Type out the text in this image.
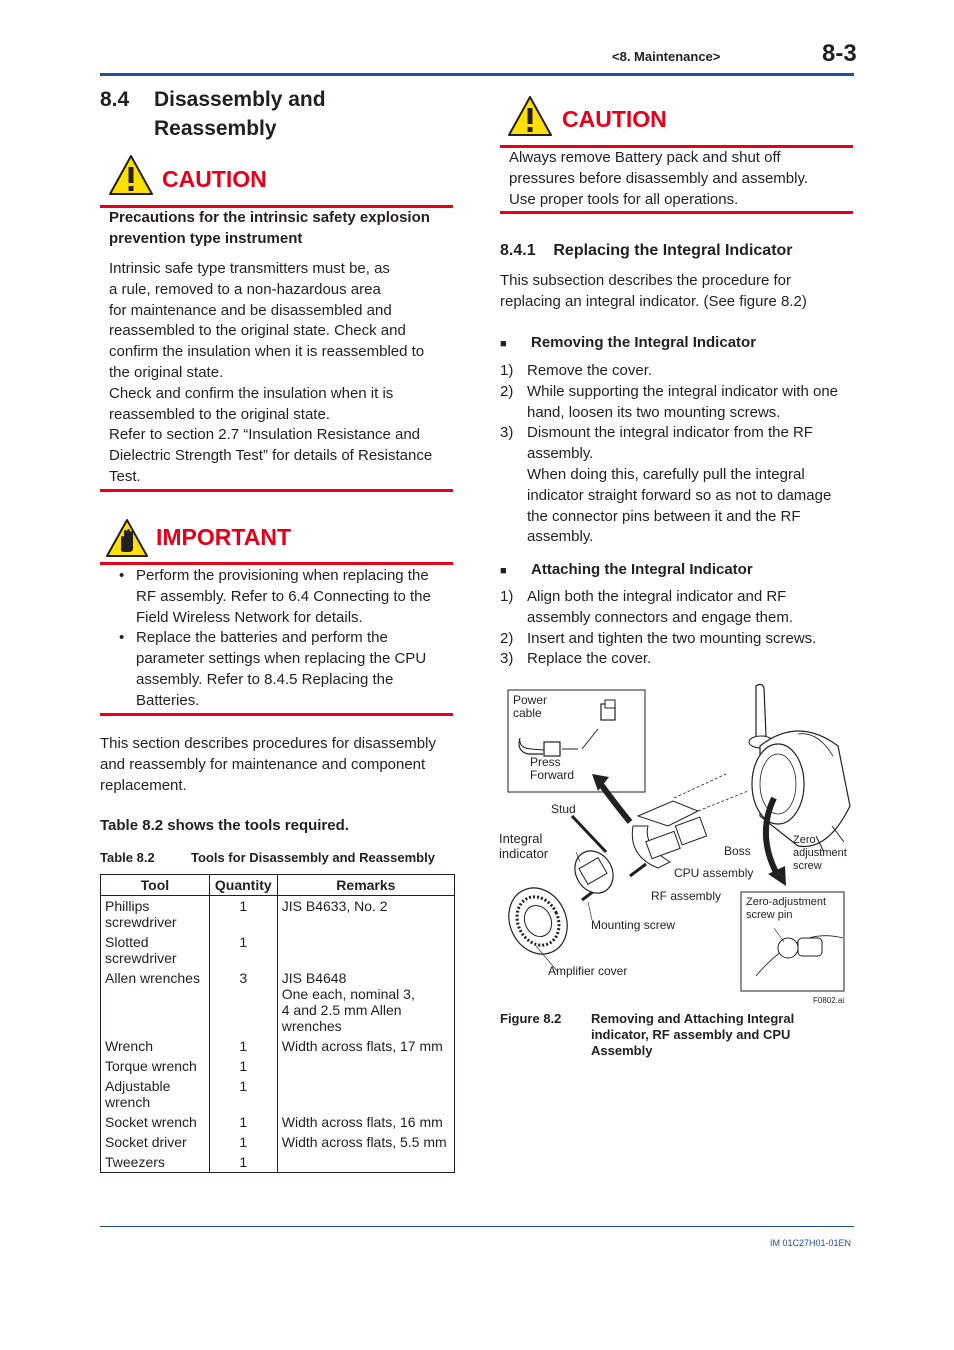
<8. Maintenance>	8-3
IM 01C27H01-01EN
8.4 Disassembly and
Reassembly
CAUTION
Precautions for the intrinsic safety explosion
prevention type instrument
Intrinsic safe type transmitters must be, as
a rule, removed to a non-hazardous area
for maintenance and be disassembled and
reassembled to the original state. Check and
confirm the insulation when it is reassembled to
the original state.
Check and confirm the insulation when it is
reassembled to the original state.
Refer to section 2.7 “Insulation Resistance and
Dielectric Strength Test” for details of Resistance
Test.
IMPORTANT
• Perform the provisioning when replacing the
RF assembly. Refer to 6.4 Connecting to the
Field Wireless Network for details.
• Replace the batteries and perform the
parameter settings when replacing the CPU
assembly. Refer to 8.4.5 Replacing the
Batteries.
This section describes procedures for disassembly
and reassembly for maintenance and component
replacement.
Table 8.2 shows the tools required.
Table 8.2	Tools for Disassembly and Reassembly
Tool	Quantity	Remarks

Phillips
screwdriver	1	JIS B4633, No. 2

Slotted
screwdriver	1	
Allen wrenches	3	JIS B4648
One each, nominal 3,
4 and 2.5 mm Allen
wrenches

Wrench	1	Width across flats, 17 mm
Torque wrench	1	

Adjustable
wrench	1	
Socket wrench	1	Width across flats, 16 mm
Socket driver	1	Width across flats, 5.5 mm
Tweezers	1	
CAUTION
Always remove Battery pack and shut off
pressures before disassembly and assembly.
Use proper tools for all operations.
8.4.1    Replacing the Integral Indicator
This subsection describes the procedure for
replacing an integral indicator. (See figure 8.2)
■ Removing the Integral Indicator
1) Remove the cover.
2) While supporting the integral indicator with one
hand, loosen its two mounting screws.
3) Dismount the integral indicator from the RF
assembly.
When doing this, carefully pull the integral
indicator straight forward so as not to damage
the connector pins between it and the RF
assembly.
■ Attaching the Integral Indicator
1) Align both the integral indicator and RF
assembly connectors and engage them.
2) Insert and tighten the two mounting screws.
3) Replace the cover.
Power
cable
Press
Forward
Stud
Integral
indicator	Boss
CPU assembly
RF assembly
Mounting screw
Amplifier cover
Zero
adjustment
screw
Zero-adjustment
screw pin
F0802.ai
Figure 8.2 Removing and Attaching Integral
indicator, RF assembly and CPU
Assembly
